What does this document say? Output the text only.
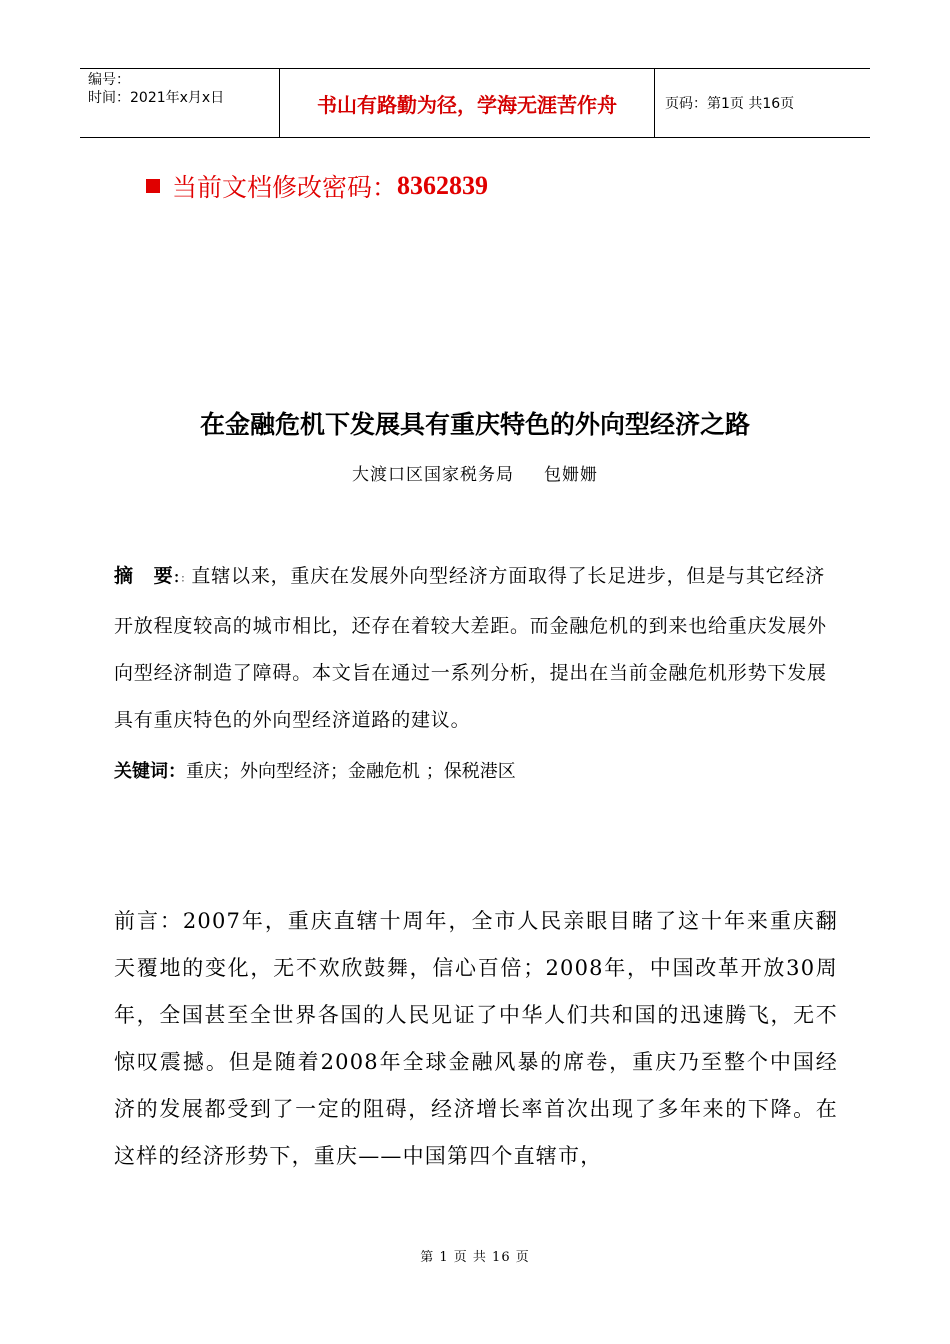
编号：
时间：2021年x月x日	书山有路勤为径，学海无涯苦作舟	页码：第1页 共16页
当前文档修改密码： 8362839
在金融危机下发展具有重庆特色的外向型经济之路
大渡口区国家税务局 包姗姗
摘　要:：直辖以来，重庆在发展外向型经济方面取得了长足进步，但是与其它经济开放程度较高的城市相比，还存在着较大差距。而金融危机的到来也给重庆发展外向型经济制造了障碍。本文旨在通过一系列分析，提出在当前金融危机形势下发展具有重庆特色的外向型经济道路的建议。
关键词：重庆；外向型经济；金融危机 ；保税港区
前言：2007年，重庆直辖十周年，全市人民亲眼目睹了这十年来重庆翻天覆地的变化，无不欢欣鼓舞，信心百倍；2008年，中国改革开放30周年，全国甚至全世界各国的人民见证了中华人们共和国的迅速腾飞，无不惊叹震撼。但是随着2008年全球金融风暴的席卷，重庆乃至整个中国经济的发展都受到了一定的阻碍，经济增长率首次出现了多年来的下降。在这样的经济形势下，重庆——中国第四个直辖市，
第 1 页 共 16 页
